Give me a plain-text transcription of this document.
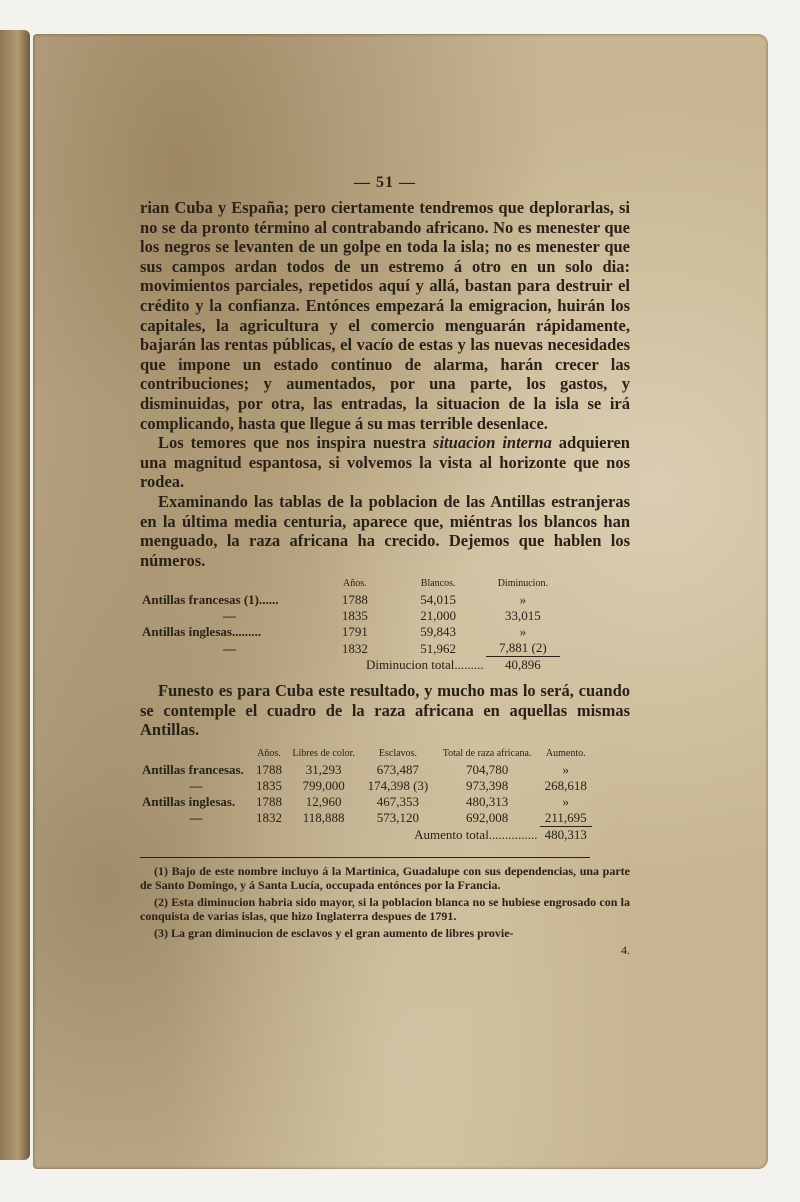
— 51 —

rian Cuba y España; pero ciertamente tendremos que deplorarlas, si no se da pronto término al contrabando africano. No es menester que los negros se levanten de un golpe en toda la isla; no es menester que sus campos ardan todos de un estremo á otro en un solo dia: movimientos parciales, repetidos aquí y allá, bastan para destruir el crédito y la confianza. Entónces empezará la emigracion, huirán los capitales, la agricultura y el comercio menguarán rápidamente, bajarán las rentas públicas, el vacío de estas y las nuevas necesidades que impone un estado continuo de alarma, harán crecer las contribuciones; y aumentados, por una parte, los gastos, y disminuidas, por otra, las entradas, la situacion de la isla se irá complicando, hasta que llegue á su mas terrible desenlace.

Los temores que nos inspira nuestra situacion interna adquieren una magnitud espantosa, si volvemos la vista al horizonte que nos rodea.

Examinando las tablas de la poblacion de las Antillas estranjeras en la última media centuria, aparece que, miéntras los blancos han menguado, la raza africana ha crecido. Dejemos que hablen los números.

	Años.	Blancos.	Diminucion.
Antillas francesas (1)......	1788	54,015	»
—	1835	21,000	33,015
Antillas inglesas.........	1791	59,843	»
—	1832	51,962	7,881 (2)
	Diminucion total.........		40,896

Funesto es para Cuba este resultado, y mucho mas lo será, cuando se contemple el cuadro de la raza africana en aquellas mismas Antillas.

	Años.	Libres de color.	Esclavos.	Total de raza africana.	Aumento.
Antillas francesas.	1788	31,293	673,487	704,780	»
—	1835	799,000	174,398 (3)	973,398	268,618
Antillas inglesas.	1788	12,960	467,353	480,313	»
—	1832	118,888	573,120	692,008	211,695
	Aumento total...............				480,313

(1) Bajo de este nombre incluyo á la Martinica, Guadalupe con sus dependencias, una parte de Santo Domingo, y á Santa Lucía, occupada entónces por la Francia.

(2) Esta diminucion habria sido mayor, si la poblacion blanca no se hubiese engrosado con la conquista de varias islas, que hizo Inglaterra despues de 1791.

(3) La gran diminucion de esclavos y el gran aumento de libres provie-

4.
